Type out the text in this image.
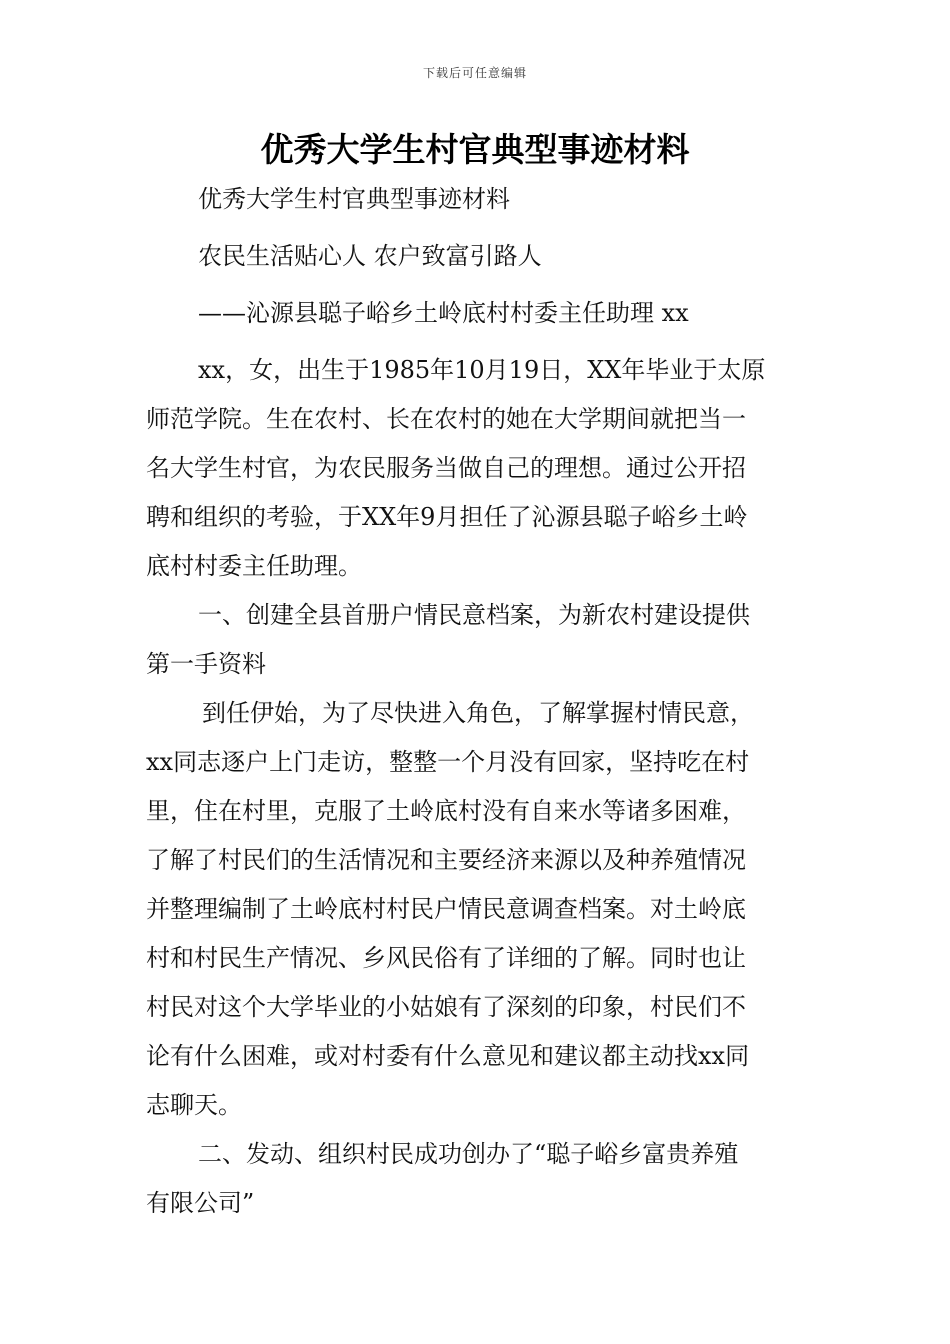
下载后可任意编辑
优秀大学生村官典型事迹材料

优秀大学生村官典型事迹材料

农民生活贴心人 农户致富引路人

——沁源县聪子峪乡土岭底村村委主任助理 xx

xx，女，出生于1985年10月19日，XX年毕业于太原

师范学院。生在农村、长在农村的她在大学期间就把当一

名大学生村官，为农民服务当做自己的理想。通过公开招

聘和组织的考验，于XX年9月担任了沁源县聪子峪乡土岭

底村村委主任助理。

一、创建全县首册户情民意档案，为新农村建设提供

第一手资料

到任伊始，为了尽快进入角色，了解掌握村情民意，

xx同志逐户上门走访，整整一个月没有回家，坚持吃在村

里，住在村里，克服了土岭底村没有自来水等诸多困难，

了解了村民们的生活情况和主要经济来源以及种养殖情况

并整理编制了土岭底村村民户情民意调查档案。对土岭底

村和村民生产情况、乡风民俗有了详细的了解。同时也让

村民对这个大学毕业的小姑娘有了深刻的印象，村民们不

论有什么困难，或对村委有什么意见和建议都主动找xx同

志聊天。

二、发动、组织村民成功创办了“聪子峪乡富贵养殖

有限公司”
